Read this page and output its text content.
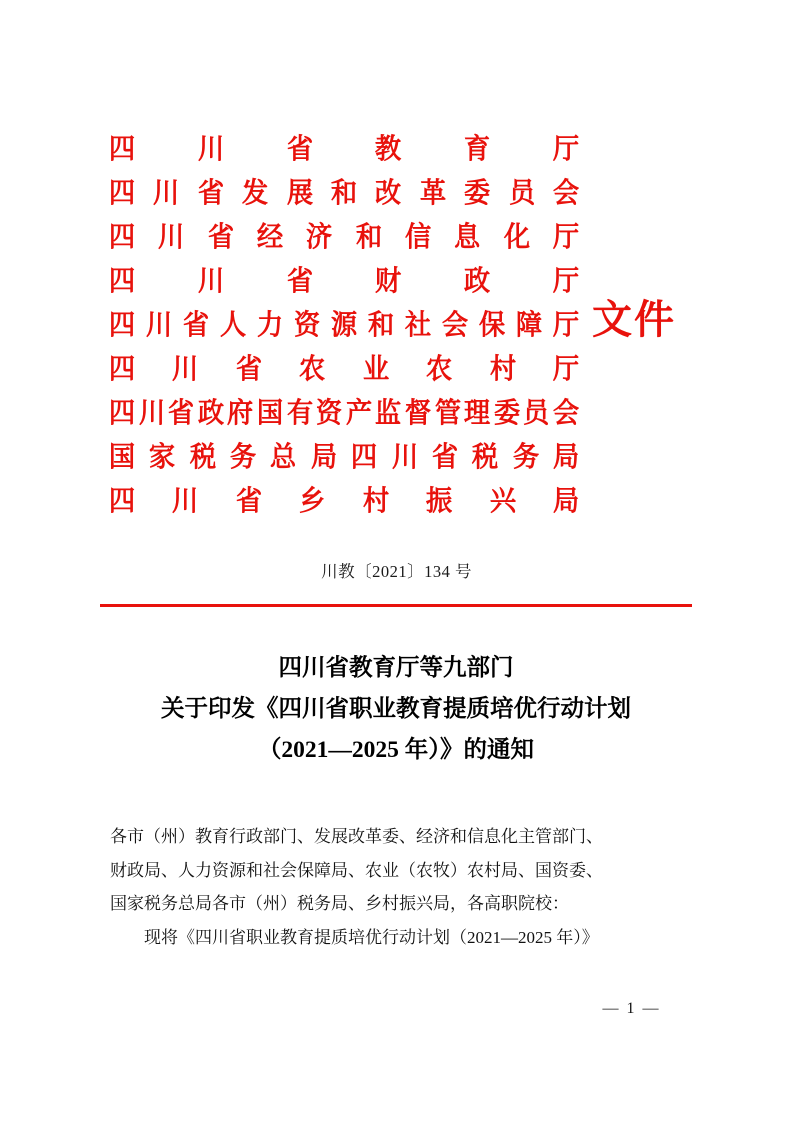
四 川 省 教 育 厅
四 川 省 发 展 和 改 革 委 员 会
四 川 省 经 济 和 信 息 化 厅
四 川 省 财 政 厅
四 川 省 人 力 资 源 和 社 会 保 障 厅
四 川 省 农 业 农 村 厅
四 川 省 政 府 国 有 资 产 监 督 管 理 委 员 会
国 家 税 务 总 局 四 川 省 税 务 局
四 川 省 乡 村 振 兴 局
文件
川教〔2021〕134 号
四川省教育厅等九部门
关于印发《四川省职业教育提质培优行动计划
（2021—2025 年）》的通知

各市（州）教育行政部门、发展改革委、经济和信息化主管部门、

财政局、人力资源和社会保障局、农业（农牧）农村局、国资委、

国家税务总局各市（州）税务局、乡村振兴局，各高职院校：

现将《四川省职业教育提质培优行动计划（2021—2025 年）》

— 1 —
